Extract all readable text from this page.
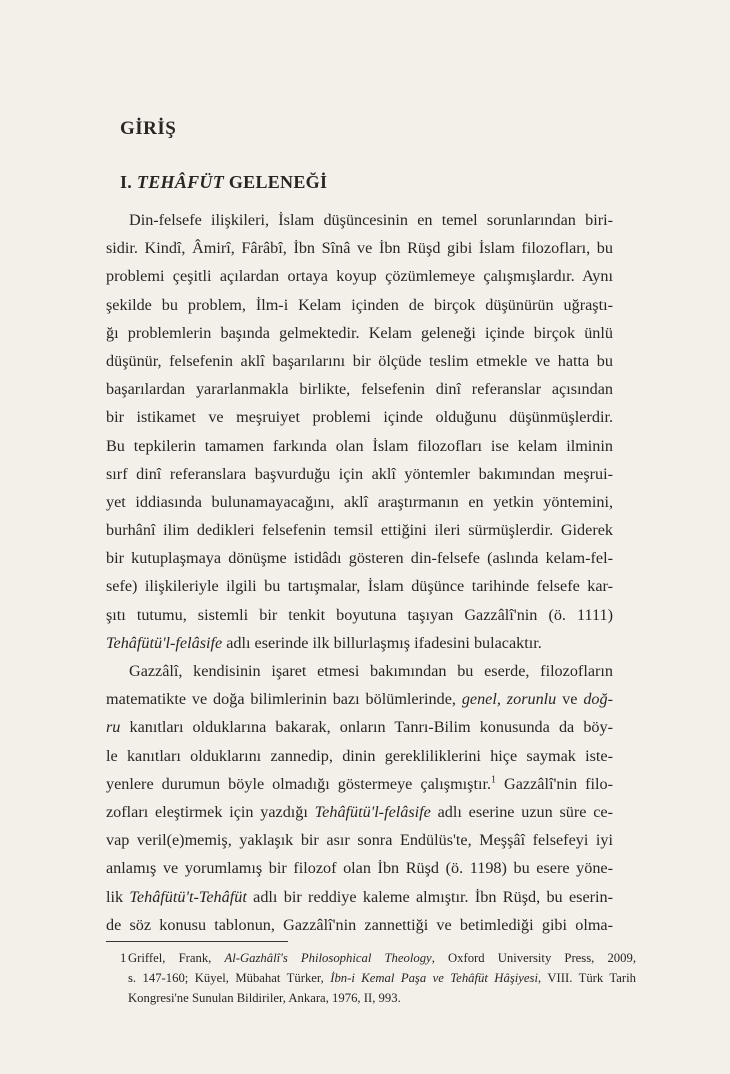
GİRİŞ
I. TEHÂFÜT GELENEĞİ
Din-felsefe ilişkileri, İslam düşüncesinin en temel sorunlarından biri-
sidir. Kindî, Âmirî, Fârâbî, İbn Sînâ ve İbn Rüşd gibi İslam filozofları, bu
problemi çeşitli açılardan ortaya koyup çözümlemeye çalışmışlardır. Aynı
şekilde bu problem, İlm-i Kelam içinden de birçok düşünürün uğraştı-
ğı problemlerin başında gelmektedir. Kelam geleneği içinde birçok ünlü
düşünür, felsefenin aklî başarılarını bir ölçüde teslim etmekle ve hatta bu
başarılardan yararlanmakla birlikte, felsefenin dinî referanslar açısından
bir istikamet ve meşruiyet problemi içinde olduğunu düşünmüşlerdir.
Bu tepkilerin tamamen farkında olan İslam filozofları ise kelam ilminin
sırf dinî referanslara başvurduğu için aklî yöntemler bakımından meşrui-
yet iddiasında bulunamayacağını, aklî araştırmanın en yetkin yöntemini,
burhânî ilim dedikleri felsefenin temsil ettiğini ileri sürmüşlerdir. Giderek
bir kutuplaşmaya dönüşme istidâdı gösteren din-felsefe (aslında kelam-fel-
sefe) ilişkileriyle ilgili bu tartışmalar, İslam düşünce tarihinde felsefe kar-
şıtı tutumu, sistemli bir tenkit boyutuna taşıyan Gazzâlî'nin (ö. 1111)
Tehâfütü'l-felâsife adlı eserinde ilk billurlaşmış ifadesini bulacaktır.
Gazzâlî, kendisinin işaret etmesi bakımından bu eserde, filozofların
matematikte ve doğa bilimlerinin bazı bölümlerinde, genel, zorunlu ve doğ-
ru kanıtları olduklarına bakarak, onların Tanrı-Bilim konusunda da böy-
le kanıtları olduklarını zannedip, dinin gerekliliklerini hiçe saymak iste-
yenlere durumun böyle olmadığı göstermeye çalışmıştır.$^1$ Gazzâlî'nin filo-
zofları eleştirmek için yazdığı Tehâfütü'l-felâsife adlı eserine uzun süre ce-
vap veril(e)memiş, yaklaşık bir asır sonra Endülüs'te, Meşşâî felsefeyi iyi
anlamış ve yorumlamış bir filozof olan İbn Rüşd (ö. 1198) bu esere yöne-
lik Tehâfütü't-Tehâfüt adlı bir reddiye kaleme almıştır. İbn Rüşd, bu eserin-
de söz konusu tablonun, Gazzâlî'nin zannettiği ve betimlediği gibi olma-
1 Griffel, Frank, Al-Gazhâlî's Philosophical Theology, Oxford University Press, 2009,
s. 147-160; Küyel, Mübahat Türker, İbn-i Kemal Paşa ve Tehâfüt Hâşiyesi, VIII. Türk Tarih
Kongresi'ne Sunulan Bildiriler, Ankara, 1976, II, 993.
